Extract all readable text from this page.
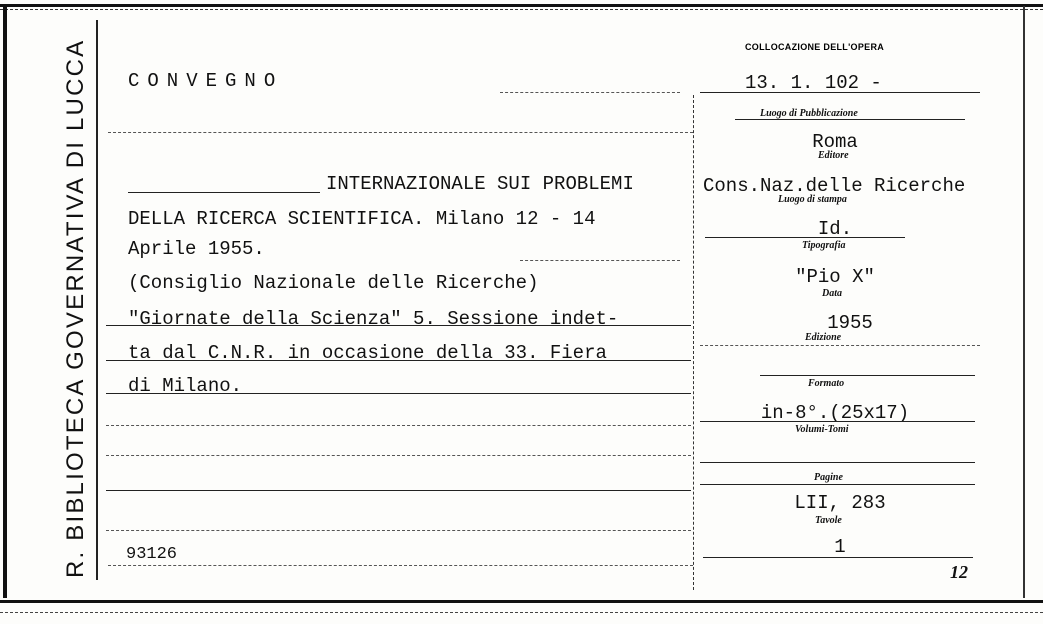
R. BIBLIOTECA GOVERNATIVA DI LUCCA CONVEGNO
INTERNAZIONALE SUI PROBLEMI
DELLA RICERCA SCIENTIFICA. Milano 12 - 14
Aprile 1955.
(Consiglio Nazionale delle Ricerche)
"Giornate della Scienza" 5. Sessione indet-
ta dal C.N.R. in occasione della 33. Fiera
di Milano.
93126
COLLOCAZIONE DELL'OPERA
13. 1. 102 -
Luogo di Pubblicazione
Roma
Editore
Cons.Naz.delle Ricerche
Luogo di stampa
Id.
Tipografia
"Pio X"
Data
1955
Edizione
Formato
in-8°.(25x17)
Volumi-Tomi
Pagine
LII, 283
Tavole
1
12
